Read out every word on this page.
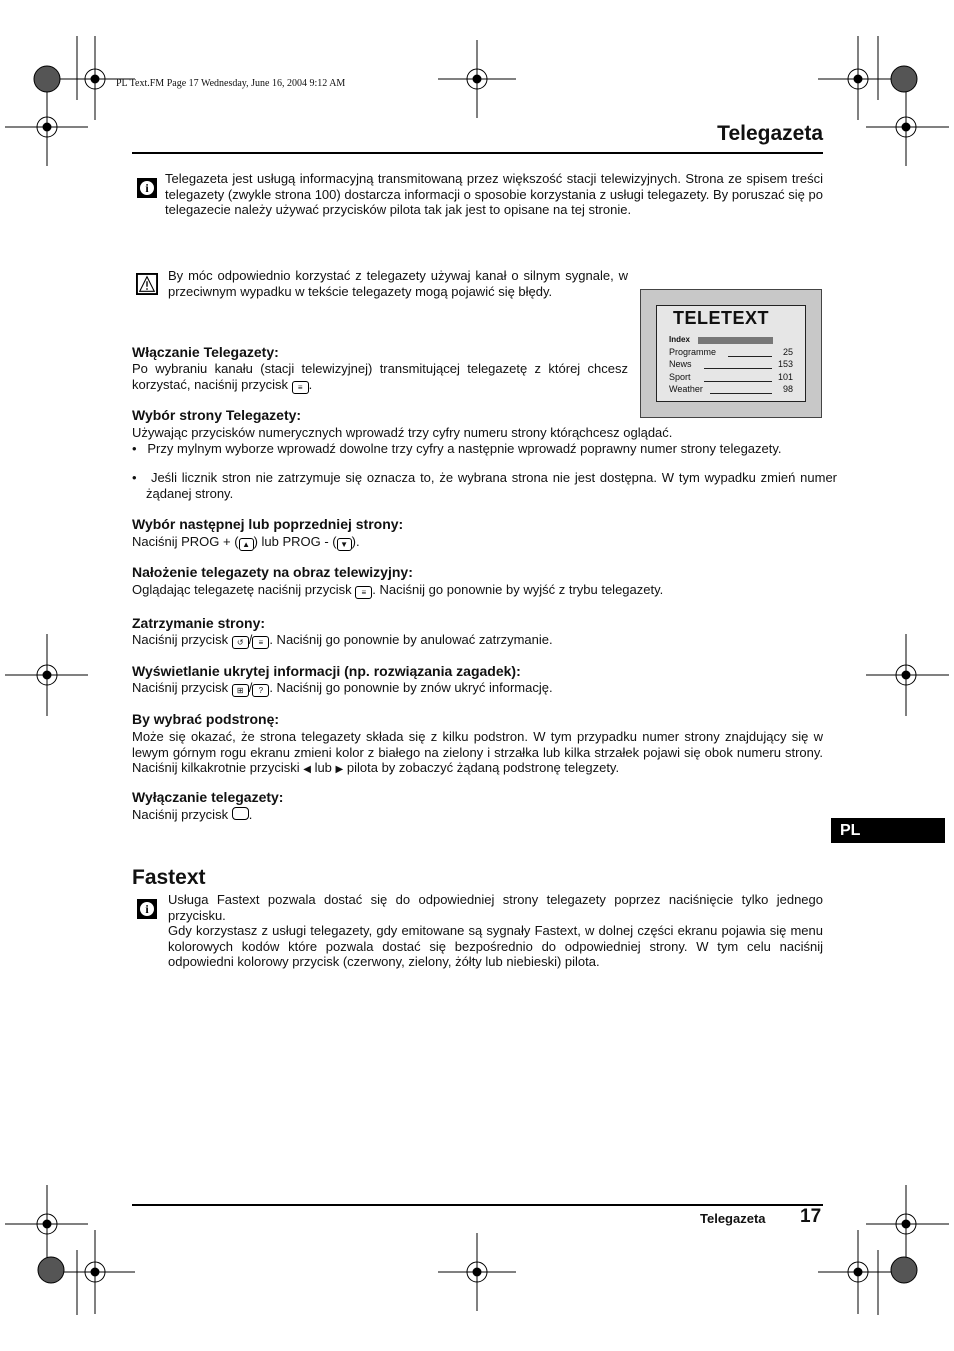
PL Text.FM Page 17 Wednesday, June 16, 2004 9:12 AM
Telegazeta
i
Telegazeta jest usługą informacyjną transmitowaną przez większość stacji telewizyjnych. Strona ze spisem treści telegazety (zwykle strona 100) dostarcza informacji o sposobie korzystania z usługi telegazety. By poruszać się po telegazecie należy używać przycisków pilota tak jak jest to opisane na tej stronie.
By móc odpowiednio korzystać z telegazety używaj kanał o silnym sygnale, w przeciwnym wypadku w tekście telegazety mogą pojawić się błędy.
TELETEXT
Index
Programme	25
News	153
Sport	101
Weather	98
Włączanie Telegazety:
Po wybraniu kanału (stacji telewizyjnej) transmitującej telegazetę z której chcesz korzystać, naciśnij przycisk ≡ .
Wybór strony Telegazety:
Używając przycisków numerycznych wprowadź trzy cyfry numeru strony którąchcesz oglądać.
•   Przy mylnym wyborze wprowadź dowolne trzy cyfry a następnie wprowadź poprawny numer strony telegazety.
•   Jeśli licznik stron nie zatrzymuje się oznacza to, że wybrana strona nie jest dostępna. W tym wypadku zmień numer żądanej strony.
Wybór następnej lub poprzedniej strony:
Naciśnij PROG + ( ▲ ) lub PROG - ( ▼ ).
Nałożenie telegazety na obraz telewizyjny:
Oglądając telegazetę naciśnij przycisk ≡ . Naciśnij go ponownie by wyjść z trybu telegazety.
Zatrzymanie strony:
Naciśnij przycisk ↺ / ≡ . Naciśnij go ponownie by anulować zatrzymanie.
Wyświetlanie ukrytej informacji (np. rozwiązania zagadek):
Naciśnij przycisk ⊞ / ? . Naciśnij go ponownie by znów ukryć informację.
By wybrać podstronę:
Może się okazać, że strona telegazety składa się z kilku podstron. W tym przypadku numer strony znajdujący się w lewym górnym rogu ekranu zmieni kolor z białego na zielony i strzałka lub kilka strzałek pojawi się obok numeru strony. Naciśnij kilkakrotnie przyciski ◀ lub ▶ pilota by zobaczyć żądaną podstronę telegzety.
Wyłączanie telegazety:
Naciśnij przycisk .
PL
Fastext
i
Usługa Fastext pozwala dostać się do odpowiedniej strony telegazety poprzez naciśnięcie tylko jednego przycisku.
Gdy korzystasz z usługi telegazety, gdy emitowane są sygnały Fastext, w dolnej części ekranu pojawia się menu kolorowych kodów które pozwala dostać się bezpośrednio do odpowiedniej strony. W tym celu naciśnij odpowiedni kolorowy przycisk (czerwony, zielony, żółty lub niebieski) pilota.
Telegazeta 17
